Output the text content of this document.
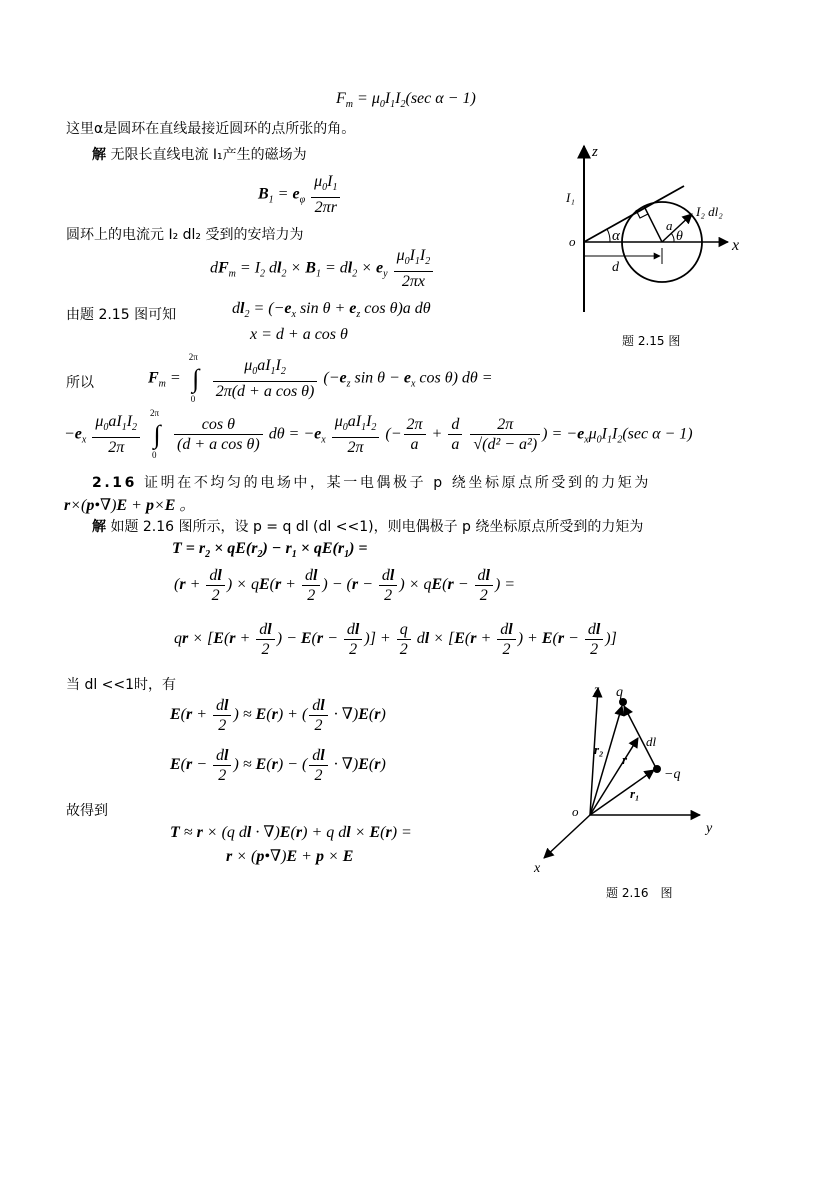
$F_m = \mu_0I_1I_2(\sec$ α − 1)
这里α是圆环在直线最接近圆环的点所张的角。
解 无限长直线电流 I₁产生的磁场为
$B_1 = e_\varphi \frac{\mu_0I_1}{2\pi r}$
圆环上的电流元 I₂ dl₂ 受到的安培力为
$dF_m = I_2$ $dl_2 \times B_1 = dl_2 \times e_y \frac{\mu_0I_1I_2}{2\pi x}$
由题 2.15 图可知	$dl_2 = (-e_x$ $\sin \theta + e_z$ cos θ)a dθ
x = d + a cos θ
所以	$F_m$ = ∫
2π
0
$\frac{\mu_0aI_1I_2}{\text{2π(d + a cos θ)}} (-e_z$ $\sin \theta - e_x$ cos θ) dθ =
$-e_x \frac{\mu_0aI_1I_2}{2\pi}$ ∫
2π
0

$\frac{\text{cos θ}}{\text{(d + a cos θ)}}$ $d\theta = -e_x \frac{\mu_0aI_1I_2}{2\pi}$ (− $\frac{2\pi}{a} + \frac{d}{a}$
$\frac{2\pi}{\text{√(d² − a²)}}$ ) = $-e_x\mu_0I_1I_2(\sec$ α − 1)
2.16 证明在不均匀的电场中，某一电偶极子 p 绕坐标原点所受到的力矩为
r×(p•∇)E + p×E 。
解 如题 2.16 图所示，设 p = q dl (dl <<1)，则电偶极子 p 绕坐标原点所受到的力矩为
$T = r_2 \times qE(r_2) - r_1 \times qE(r_1)$ =
($r + \frac{dl}{2}$ ) × $qE(r + \frac{dl}{2}$ ) − ($r - \frac{dl}{2}$ ) × $qE(r - \frac{dl}{2}$ ) =
qr × [$E(r + \frac{dl}{2}$ ) − $E(r - \frac{dl}{2}$ )] + $\frac{q}{2}$ dl × [$E(r + \frac{dl}{2}$ ) + $E(r - \frac{dl}{2}$ )]
当 dl <<1时，有
$E(r + \frac{dl}{2}$ ) ≈ E(r) + ( $\frac{dl}{2} \cdot \nabla)E(r)$
$E(r - \frac{dl}{2}$ ) ≈ E(r) − ( $\frac{dl}{2} \cdot \nabla)E(r)$
故得到
T ≈ r × (q dl · ∇)E(r) + q dl × E(r) =
r × (p•∇)E + p × E
z
I₁
o α
a
θ
d
x
I₂ dl₂
题 2.15 图
z q
r₂
dl
r
−q
r₁
o
y
x
题 2.16　图
